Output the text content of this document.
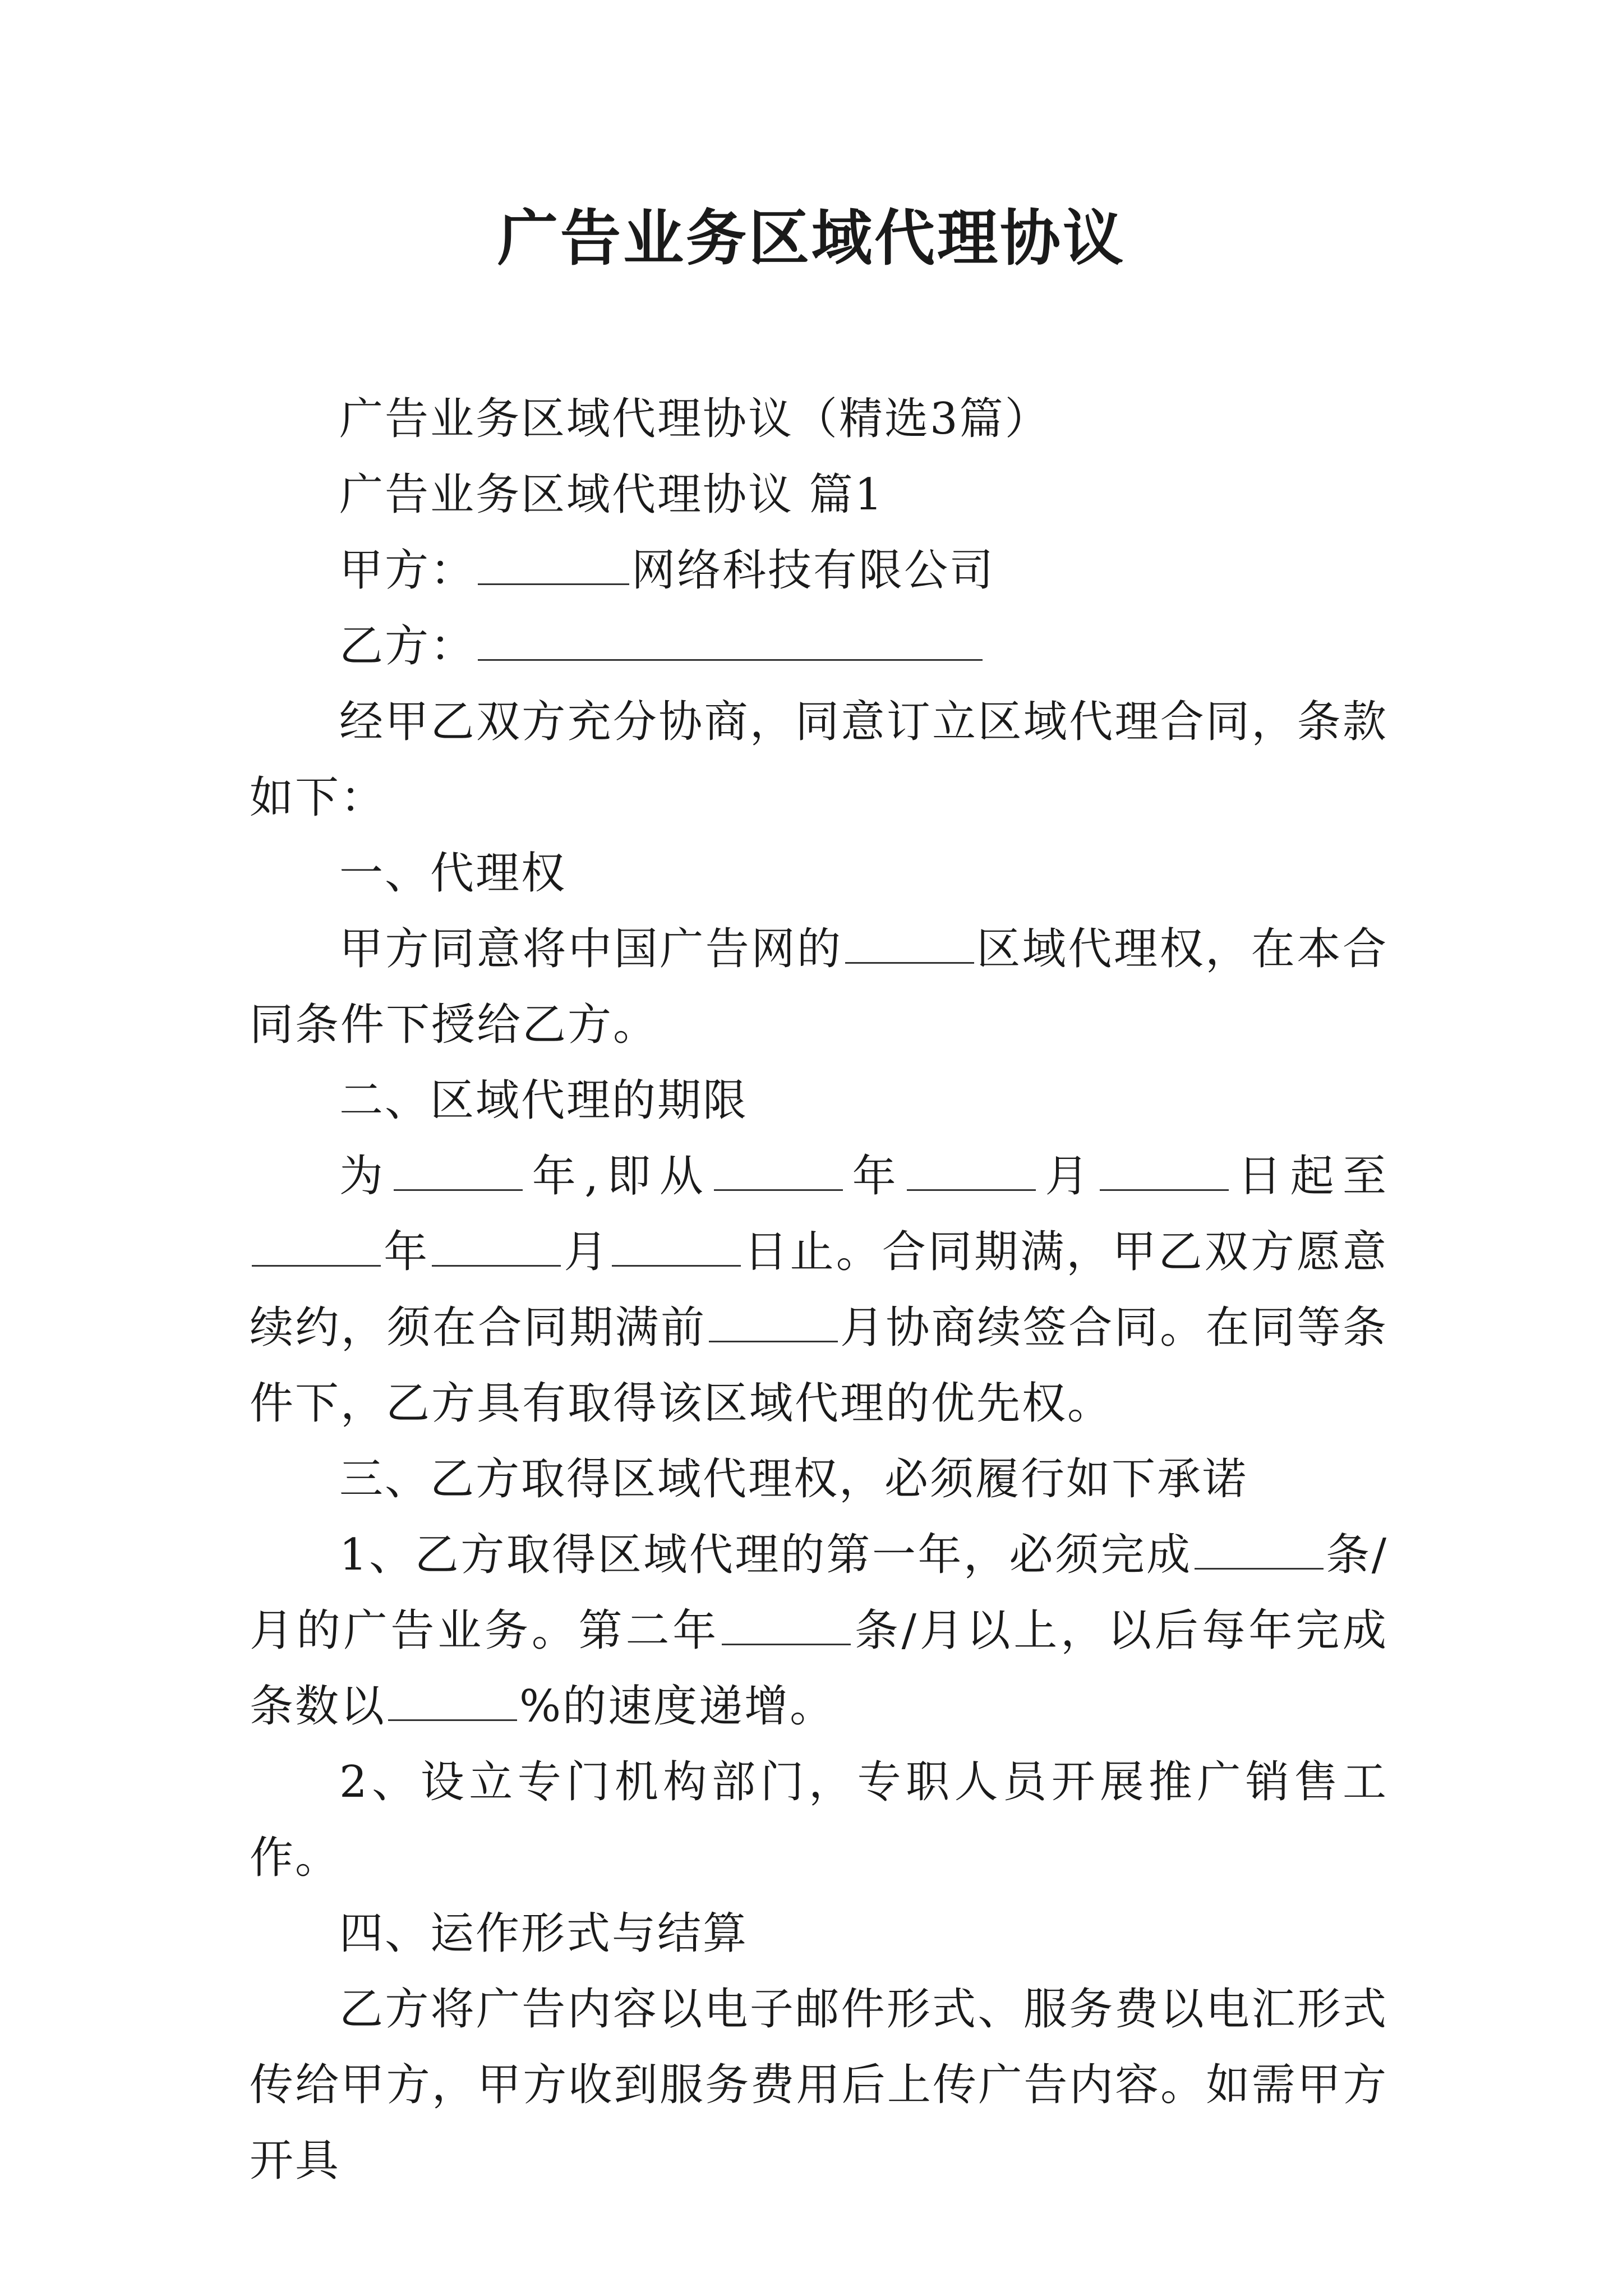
广告业务区域代理协议

广告业务区域代理协议（精选3篇）

广告业务区域代理协议 篇1

甲方：	网络科技有限公司

乙方：

经甲乙双方充分协商，同意订立区域代理合同，条款如下：

一、代理权

甲方同意将中国广告网的	区域代理权，在本合同条件下授给乙方。

二、区域代理的期限

为	年,即从	年	月	日起至年	月	日止。合同期满，甲乙双方愿意续约，须在合同期满前	月协商续签合同。在同等条件下，乙方具有取得该区域代理的优先权。

三、乙方取得区域代理权，必须履行如下承诺

1、乙方取得区域代理的第一年，必须完成	条/月的广告业务。第二年	条/月以上，以后每年完成条数以	%的速度递增。

2、设立专门机构部门，专职人员开展推广销售工作。

四、运作形式与结算

乙方将广告内容以电子邮件形式、服务费以电汇形式传给甲方，甲方收到服务费用后上传广告内容。如需甲方开具
